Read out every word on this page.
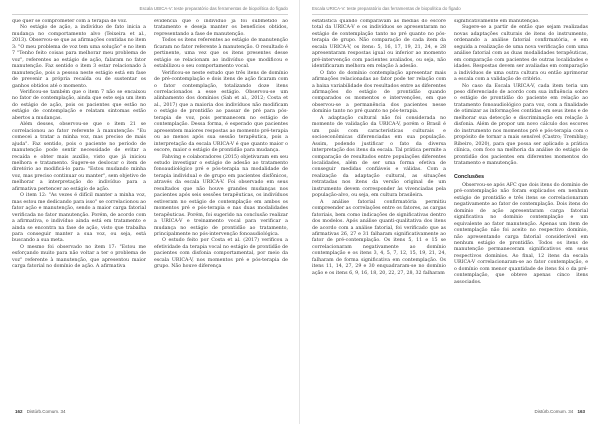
Escala UBICA-V: teste preparatório das ferramentas de biopolítica do fígado

que quer se comprometer com a terapia de voz.

No estágio de ação, a indivíduo de fato inicia a mudança no comportamento alvo (Teixeira et al., 2013). Observou-se que as afirmações contidas no item 3: "O meu problema de voz tem uma solução" e no item 7 "Tenho feito coisas para melhorar meu problema de voz", referentes ao estágio de ação, falaram no fator manutenção. Faz sentido o item 3 estar relacionado à manutenção, pois a pessoa neste estágio está em fase de prevenir a própria recaída ou de sustentar os ganhos obtidos até o momento.

Verificou-se também que o item 7 não se encaixou no fator de contemplação, ainda que este seja um item do estágio de ação, pois os pacientes que estão no estágio de contemplação e relatam sintomas estão abertos a mudanças.

Além desses, observou-se que o item 21 se correlacionou ao fator referente à manutenção: "Eu comecei a tratar a minha voz, mas preciso de mais ajuda". Faz sentido, pois o paciente no período de manutenção pode sentir necessidade de evitar a recaída e obter mais auxílio, visto que já iniciou melhora e tratamento. Sugere-se deslocar o item de diretório ao modificá-lo para: "Estou mudando minha voz, mas preciso continuar ou manter", sem objetivo de melhorar a interpretação do indivíduo para a afirmativa pertencer ao estágio de ação.

O item 12: "As vezes é difícil manter a minha voz, mas estou me dedicando para isso" se correlacionou ao fator ação e manutenção, sendo a maior carga fatorial verificada no fator manutenção. Porém, de acordo com a afirmativa, o indivíduo ainda está em tratamento e ainda se encontra na fase de ação, visto que trabalha para conseguir manter a sua voz, ou seja, está buscando a sua meta.

O mesmo foi observado no item 17: "Estou me esforçando muito para não voltar a ter o problema de voz" referente à manutenção, que apresentou maior carga fatorial no domínio de ação. A afirmativa

evidencia que o indivíduo já foi submetido ao tratamento e deseja manter os benefícios obtidos, representando a fase de manutenção.

Todos os itens referentes ao estágio de manutenção ficaram no fator referente à manutenção. O resultado é pertinente, uma vez que os itens presentes desse estágio se relacionam ao indivíduo que modificou e estabilizou o seu comportamento vocal.

Verificou-se neste estudo que três itens de domínio de pré-contemplação e dois itens de ação ficaram com o fator contemplação, totalizando doze itens correlacionados a esse estágio. Observou-se um alinhamento dos domínios (Sah et al., 2012; Costa et al., 2017) que a maioria dos indivíduos não modificam o estágio de prontidão ao passar de pré para pós-terapia de voz, pois permanecem no estágio de contemplação. Dessa forma, é esperado que pacientes apresentem maiores respostas ao momento pré-terapia ou ao menos após sua sessão terapêutica, pois a interpretação da escala URICA-V é que quanto maior o escore, maior o estágio de prontidão para mudança.

Fahving e colaboradores (2015) objetivaram em seu estudo investigar o estágio de adesão ao tratamento fonoaudiológico pré e pós-terapia na modalidade de terapia individual e de grupo em pacientes disfônicos, através da escala URICA-V. Foi observado em seus resultados que não houve grandes mudanças nos pacientes após seis sessões terapêuticas, os indivíduos estiveram no estágio de contemplação em ambos os momentos pré e pós-terapia e nas duas modalidades terapêuticas. Porém, foi sugerido na conclusão realizar a URICA-V e treinamento vocal para verificar a mudança no estágio de prontidão ao tratamento, principalmente no pós-intervenção fonoaudiológica.

O estudo feito por Costa et al. (2017) verificou a efetividade da terapia vocal no estágio de prontidão de pacientes com disfonia comportamental, por meio da escala URICA-V, nos momentos pré e pós-terapia de grupo. Não houve diferença

162 Distúrb.Comum. 34
Escala URICA-V: teste preparatório das ferramentas de biopolítica do fígado

estatística quando comparavam as médias do escore total da URICA-V e os indivíduos se apresentaram no estágio de contemplação tanto no pré quanto no pós-terapia de grupo. Não comparação de cada item da escala URICA-V, os itens: 5, 16, 17, 19, 21, 24, e 28 apresentaram respostas igual ou inferior ao momento pré-intervenção com pacientes avaliados, ou seja, não identificaram melhora em relação à adesão.

O fato do domínio contemplação apresentar mais afirmações relacionadas ao fator pode ter relação com a baixa variabilidade dos resultados entre as diferentes afirmações do estágio de prontidão quando comparados os momentos e intervenções, em que observou-se a permanência dos pacientes nesse domínio tanto no pré quanto no pós-terapia.

A adaptação cultural não foi considerada no momento de validação da URICA-V, porém o Brasil é um país com características culturais e socioeconômicas diferenciadas em sua população. Assim, podendo justificar o fato da diversa interpretação dos itens da escala. Tal prática permite a comparação de resultados entre populações diferentes localidades, além de ser uma forma efetiva de conseguir medidas confiáveis e válidas. Com a realização da adaptação cultural, as situações retratadas nos itens da versão original de um instrumento devem corresponder às vivenciadas pela população-alvo, ou seja, em cultura brasileira.

A análise fatorial confirmatória permitiu compreender as correlações entre os fatores, as cargas fatoriais, bem como indicações de significativas dentro dos modelos. Após análise quanti-qualitativa dos itens de acordo com a análise fatorial, foi verificado que as afirmativas 26, 27 e 31 falharam significativamente ao fator de pré-contemplação. Os itens 5, 11 e 15 se correlacionaram negativamente ao domínio contemplação e os itens 3, 4, 5, 7, 12, 15, 19, 21, 24, falharam de forma significativa em contemplação. Os itens 11, 14, 27, 29 e 30 enquadraram-se no domínio ação e os itens 6, 9, 16, 18, 20, 22, 27, 28, 32 falharam

significativamente em manutenção.

Sugere-se a partir de então que sejam realizadas novas adaptações culturais de itens do instrumento, ordenando a análise fatorial confirmatória, e em seguida a realização de uma nova verificação com uma análise fatorial com as duas modalidades terapêuticas, em comparação com pacientes de outras localidades e idades. Respostas devem ser avaliadas em comparação a indivíduos de uma outra cultura ou então aprimorar a escala com a validação de critério.

No caso da Escala URICA-V, cada item teria um peso diferenciado de acordo com sua influência sobre o estágio de prontidão do paciente em relação ao tratamento fonoaudiológico para voz, com a finalidade de otimizar as informações contidas em seus itens e de melhorar sua detecção e discriminação em relação à disfonia. Além de propor um novo cálculo dos escores do instrumento nos momentos pré e pós-terapia com o propósito de tornar a mais sensível (Castro; Tremblay; Ribeiro, 2020), para que possa ser aplicado a prática clínica, com foco na melhoria da análise do estágio de prontidão dos pacientes em diferentes momentos do tratamento e manutenção.

Conclusões

Observou-se após AFC que dois itens do domínio de pré-contemplação não foram explicados em nenhum estágio de prontidão e três itens se correlacionaram negativamente ao fator de contemplação. Dois itens do domínio de ação apresentaram carga fatorial significativa no domínio contemplação e um equivalente ao fator manutenção. Apenas um item de contemplação não foi aceito no respectivo domínio, não apresentando carga fatorial considerável em nenhum estágio de prontidão. Todos os itens de manutenção permaneceram significativos em seus respectivos domínios. Ao final, 12 itens da escala URICA-V correlacionaram-se ao fator contemplação, e o domínio com menor quantidade de itens foi o da pré-contemplação, que obteve apenas cinco itens associados.

Distúrb.Comum. 34 163
